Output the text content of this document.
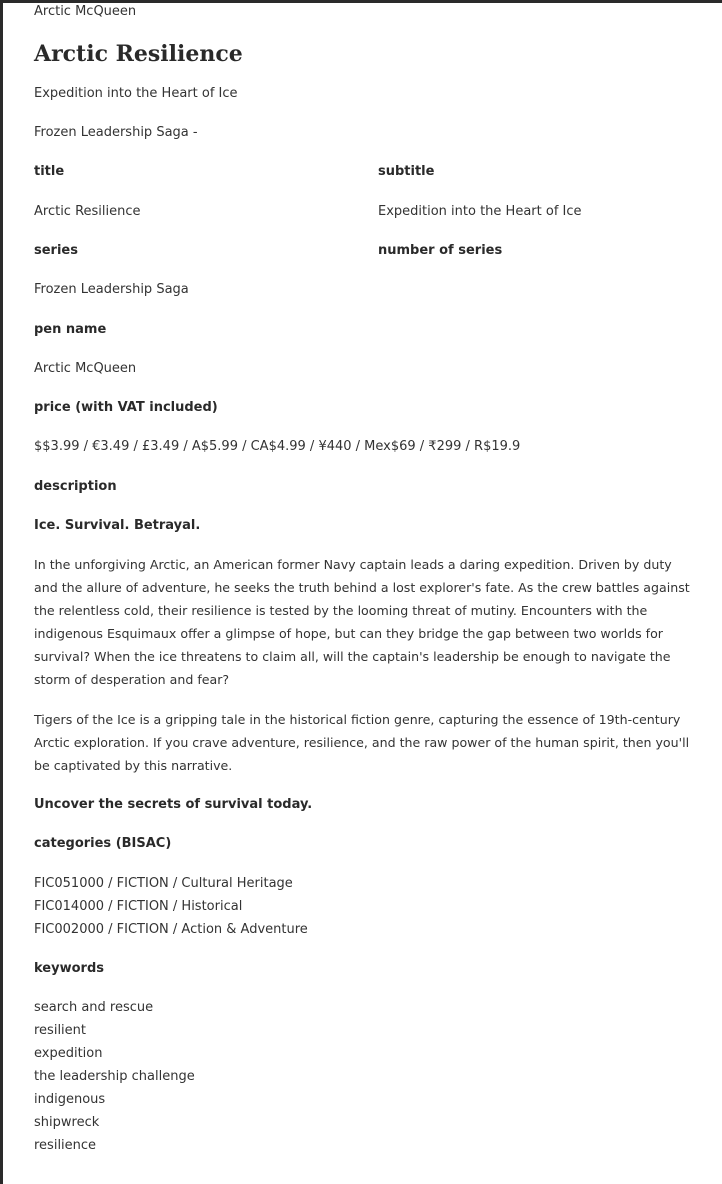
Arctic McQueen
Arctic Resilience
Expedition into the Heart of Ice
Frozen Leadership Saga -
title	subtitle
Arctic Resilience	Expedition into the Heart of Ice
series	number of series
Frozen Leadership Saga
pen name
Arctic McQueen
price (with VAT included)
$$3.99 / €3.49 / £3.49 / A$5.99 / CA$4.99 / ¥440 / Mex$69 / ₹299 / R$19.9
description
Ice. Survival. Betrayal.

In the unforgiving Arctic, an American former Navy captain leads a daring expedition. Driven by duty and the allure of adventure, he seeks the truth behind a lost explorer's fate. As the crew battles against the relentless cold, their resilience is tested by the looming threat of mutiny. Encounters with the indigenous Esquimaux offer a glimpse of hope, but can they bridge the gap between two worlds for survival? When the ice threatens to claim all, will the captain's leadership be enough to navigate the storm of desperation and fear?

Tigers of the Ice is a gripping tale in the historical fiction genre, capturing the essence of 19th-century Arctic exploration. If you crave adventure, resilience, and the raw power of the human spirit, then you'll be captivated by this narrative.

Uncover the secrets of survival today.
categories (BISAC)
FIC051000 / FICTION / Cultural Heritage
FIC014000 / FICTION / Historical
FIC002000 / FICTION / Action & Adventure
keywords
search and rescue
resilient
expedition
the leadership challenge
indigenous
shipwreck
resilience
